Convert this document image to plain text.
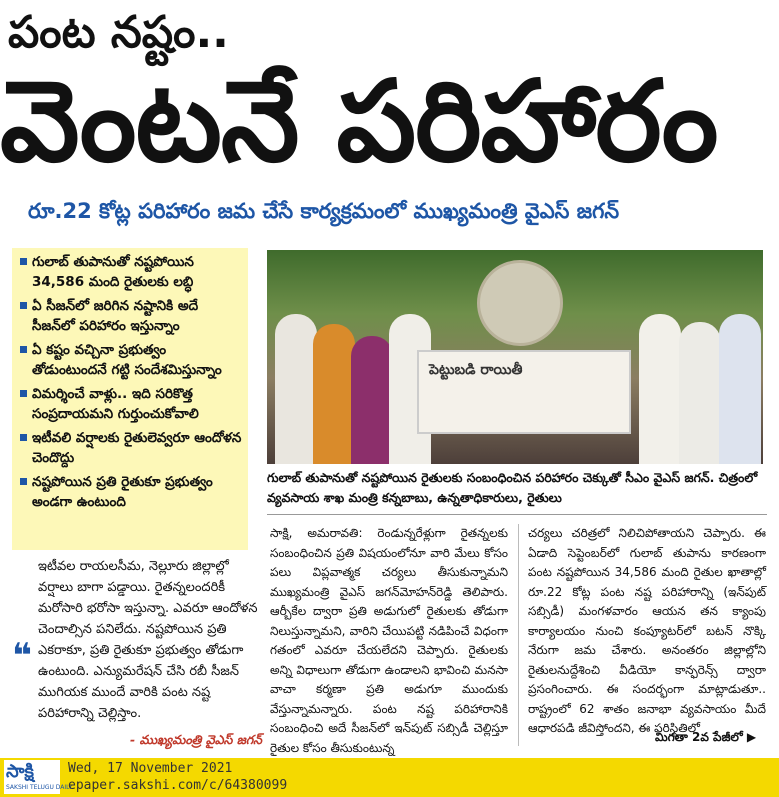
పంట నష్టం..
వెంటనే పరిహారం
రూ.22 కోట్ల పరిహారం జమ చేసే కార్యక్రమంలో ముఖ్యమంత్రి వైఎస్ జగన్
గులాబ్ తుపానుతో నష్టపోయిన 34,586 మంది రైతులకు లబ్ధి
ఏ సీజన్‌లో జరిగిన నష్టానికి అదే సీజన్‌లో పరిహారం ఇస్తున్నాం
ఏ కష్టం వచ్చినా ప్రభుత్వం తోడుంటుందనే గట్టి సందేశమిస్తున్నాం
విమర్శించే వాళ్లు.. ఇది సరికొత్త సంప్రదాయమని గుర్తుంచుకోవాలి
ఇటీవలి వర్షాలకు రైతులెవ్వరూ ఆందోళన చెందొద్దు
నష్టపోయిన ప్రతి రైతుకూ ప్రభుత్వం అండగా ఉంటుంది
పెట్టుబడి రాయితీ
గులాబ్ తుపానుతో నష్టపోయిన రైతులకు సంబంధించిన పరిహారం చెక్కుతో సీఎం వైఎస్ జగన్. చిత్రంలో వ్యవసాయ శాఖ మంత్రి కన్నబాబు, ఉన్నతాధికారులు, రైతులు
❝
ఇటీవల రాయలసీమ, నెల్లూరు జిల్లాల్లో వర్షాలు బాగా పడ్డాయి. రైతన్నలందరికీ మరోసారి భరోసా ఇస్తున్నా. ఎవరూ ఆందోళన చెందాల్సిన పనిలేదు. నష్టపోయిన ప్రతి ఎకరాకూ, ప్రతి రైతుకూ ప్రభుత్వం తోడుగా ఉంటుంది. ఎన్యుమరేషన్ చేసి రబీ సీజన్ ముగియక ముందే వారికి పంట నష్ట పరిహారాన్ని చెల్లిస్తాం.
- ముఖ్యమంత్రి వైఎస్ జగన్
సాక్షి, అమరావతి: రెండున్నరేళ్లుగా రైతన్నలకు సంబంధించిన ప్రతి విషయంలోనూ వారి మేలు కోసం పలు విప్లవాత్మక చర్యలు తీసుకున్నామని ముఖ్యమంత్రి వైఎస్ జగన్‌మోహన్‌రెడ్డి తెలిపారు. ఆర్బీకేల ద్వారా ప్రతి అడుగులో రైతులకు తోడుగా నిలుస్తున్నామని, వారిని చేయిపట్టి నడిపించే విధంగా గతంలో ఎవరూ చేయలేదని చెప్పారు. రైతులకు అన్ని విధాలుగా తోడుగా ఉండాలని భావించి మనసా వాచా కర్మణా ప్రతి అడుగూ ముందుకు వేస్తున్నామన్నారు. పంట నష్ట పరిహారానికి సంబంధించి అదే సీజన్‌లో ఇన్‌పుట్ సబ్సిడీ చెల్లిస్తూ రైతుల కోసం తీసుకుంటున్న
చర్యలు చరిత్రలో నిలిచిపోతాయని చెప్పారు. ఈ ఏడాది సెప్టెంబర్‌లో గులాబ్ తుపాను కారణంగా పంట నష్టపోయిన 34,586 మంది రైతుల ఖాతాల్లో రూ.22 కోట్ల పంట నష్ట పరిహారాన్ని (ఇన్‌పుట్ సబ్సిడీ) మంగళవారం ఆయన తన క్యాంపు కార్యాలయం నుంచి కంప్యూటర్‌లో బటన్ నొక్కి నేరుగా జమ చేశారు. అనంతరం జిల్లాల్లోని రైతులనుద్దేశించి వీడియో కాన్ఫరెన్స్ ద్వారా ప్రసంగించారు. ఈ సందర్భంగా మాట్లాడుతూ.. రాష్ట్రంలో 62 శాతం జనాభా వ్యవసాయం మీదే ఆధారపడి జీవిస్తోందని, ఈ పరిస్థితిలో
మిగతా 2వ పేజీలో ▶
సాక్షి
SAKSHI TELUGU DAILY
Wed, 17 November 2021
epaper.sakshi.com/c/64380099
